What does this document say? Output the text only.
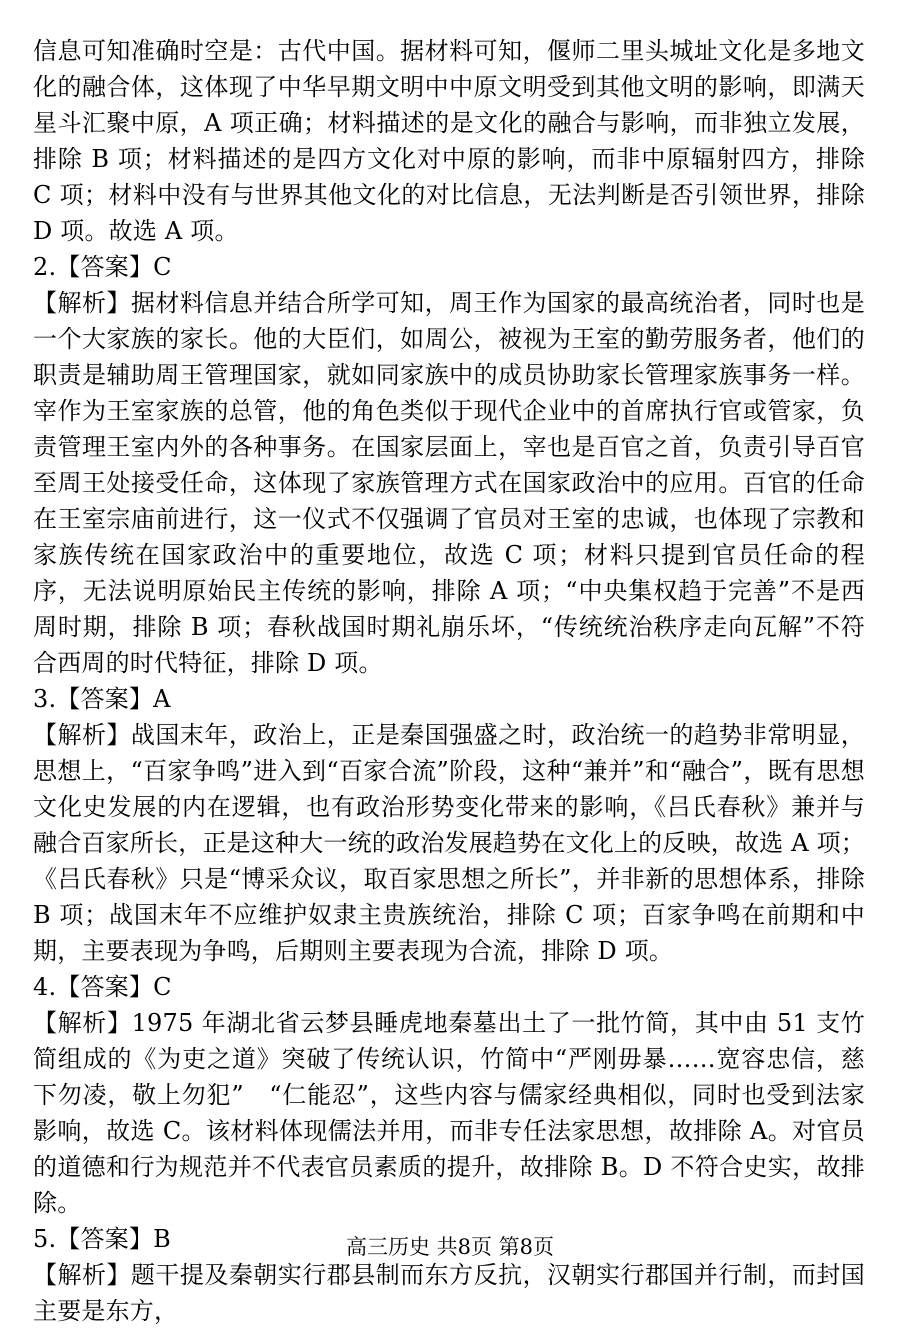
信息可知准确时空是：古代中国。据材料可知，偃师二里头城址文化是多地文化的融合体，这体现了中华早期文明中中原文明受到其他文明的影响，即满天星斗汇聚中原，A 项正确；材料描述的是文化的融合与影响，而非独立发展，排除 B 项；材料描述的是四方文化对中原的影响，而非中原辐射四方，排除 C 项；材料中没有与世界其他文化的对比信息，无法判断是否引领世界，排除 D 项。故选 A 项。

2.【答案】C

【解析】据材料信息并结合所学可知，周王作为国家的最高统治者，同时也是一个大家族的家长。他的大臣们，如周公，被视为王室的勤劳服务者，他们的职责是辅助周王管理国家，就如同家族中的成员协助家长管理家族事务一样。宰作为王室家族的总管，他的角色类似于现代企业中的首席执行官或管家，负责管理王室内外的各种事务。在国家层面上，宰也是百官之首，负责引导百官至周王处接受任命，这体现了家族管理方式在国家政治中的应用。百官的任命在王室宗庙前进行，这一仪式不仅强调了官员对王室的忠诚，也体现了宗教和家族传统在国家政治中的重要地位，故选 C 项；材料只提到官员任命的程序，无法说明原始民主传统的影响，排除 A 项；“中央集权趋于完善”不是西周时期，排除 B 项；春秋战国时期礼崩乐坏，“传统统治秩序走向瓦解”不符合西周的时代特征，排除 D 项。

3.【答案】A

【解析】战国末年，政治上，正是秦国强盛之时，政治统一的趋势非常明显，思想上，“百家争鸣”进入到“百家合流”阶段，这种“兼并”和“融合”，既有思想文化史发展的内在逻辑，也有政治形势变化带来的影响，《吕氏春秋》兼并与融合百家所长，正是这种大一统的政治发展趋势在文化上的反映，故选 A 项；《吕氏春秋》只是“博采众议，取百家思想之所长”，并非新的思想体系，排除 B 项；战国末年不应维护奴隶主贵族统治，排除 C 项；百家争鸣在前期和中期，主要表现为争鸣，后期则主要表现为合流，排除 D 项。

4.【答案】C

【解析】1975 年湖北省云梦县睡虎地秦墓出土了一批竹简，其中由 51 支竹简组成的《为吏之道》突破了传统认识，竹简中“严刚毋暴……宽容忠信，慈下勿凌，敬上勿犯”　“仁能忍”，这些内容与儒家经典相似，同时也受到法家影响，故选 C。该材料体现儒法并用，而非专任法家思想，故排除 A。对官员的道德和行为规范并不代表官员素质的提升，故排除 B。D 不符合史实，故排除。

5.【答案】B

【解析】题干提及秦朝实行郡县制而东方反抗，汉朝实行郡国并行制，而封国主要是东方，

高三历史 共8页 第8页
